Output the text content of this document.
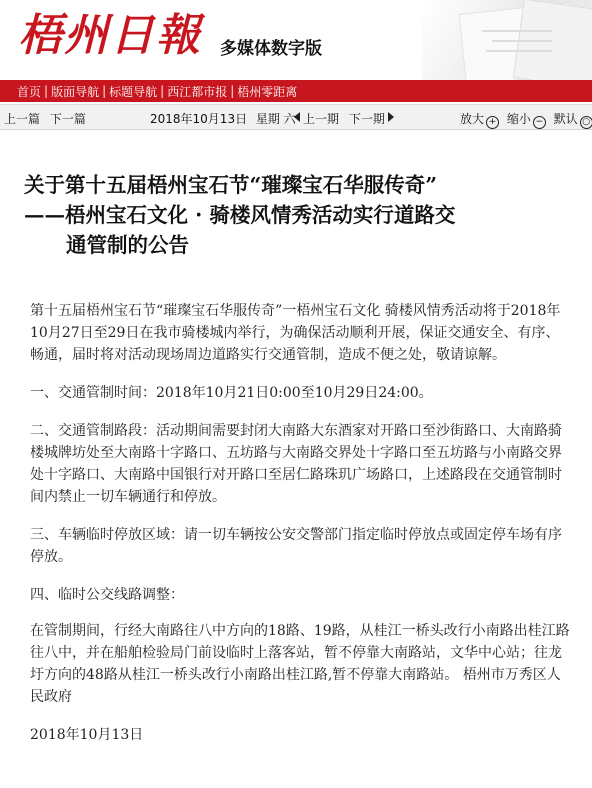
梧州日報 多媒体数字版
首页 | 版面导航 | 标题导航 | 西江都市报 | 梧州零距离
上一篇 下一篇	2018年10月13日 星期 六 上一期 下一期	放大 + 缩小 − 默认 ○
关于第十五届梧州宝石节“璀璨宝石华服传奇”
——梧州宝石文化 · 骑楼风情秀活动实行道路交
通管制的公告

第十五届梧州宝石节“璀璨宝石华服传奇”一梧州宝石文化 骑楼风情秀活动将于2018年10月27日至29日在我市骑楼城内举行，为确保活动顺利开展，保证交通安全、有序、畅通，届时将对活动现场周边道路实行交通管制，造成不便之处，敬请谅解。

一、交通管制时间：2018年10月21日0:00至10月29日24:00。

二、交通管制路段：活动期间需要封闭大南路大东酒家对开路口至沙街路口、大南路骑楼城牌坊处至大南路十字路口、五坊路与大南路交界处十字路口至五坊路与小南路交界处十字路口、大南路中国银行对开路口至居仁路珠玑广场路口，上述路段在交通管制时间内禁止一切车辆通行和停放。

三、车辆临时停放区域：请一切车辆按公安交警部门指定临时停放点或固定停车场有序停放。

四、临时公交线路调整：

在管制期间，行经大南路往八中方向的18路、19路，从桂江一桥头改行小南路出桂江路往八中，并在船舶检验局门前设临时上落客站，暂不停靠大南路站，文华中心站；往龙圩方向的48路从桂江一桥头改行小南路出桂江路,暂不停靠大南路站。 梧州市万秀区人民政府

2018年10月13日
